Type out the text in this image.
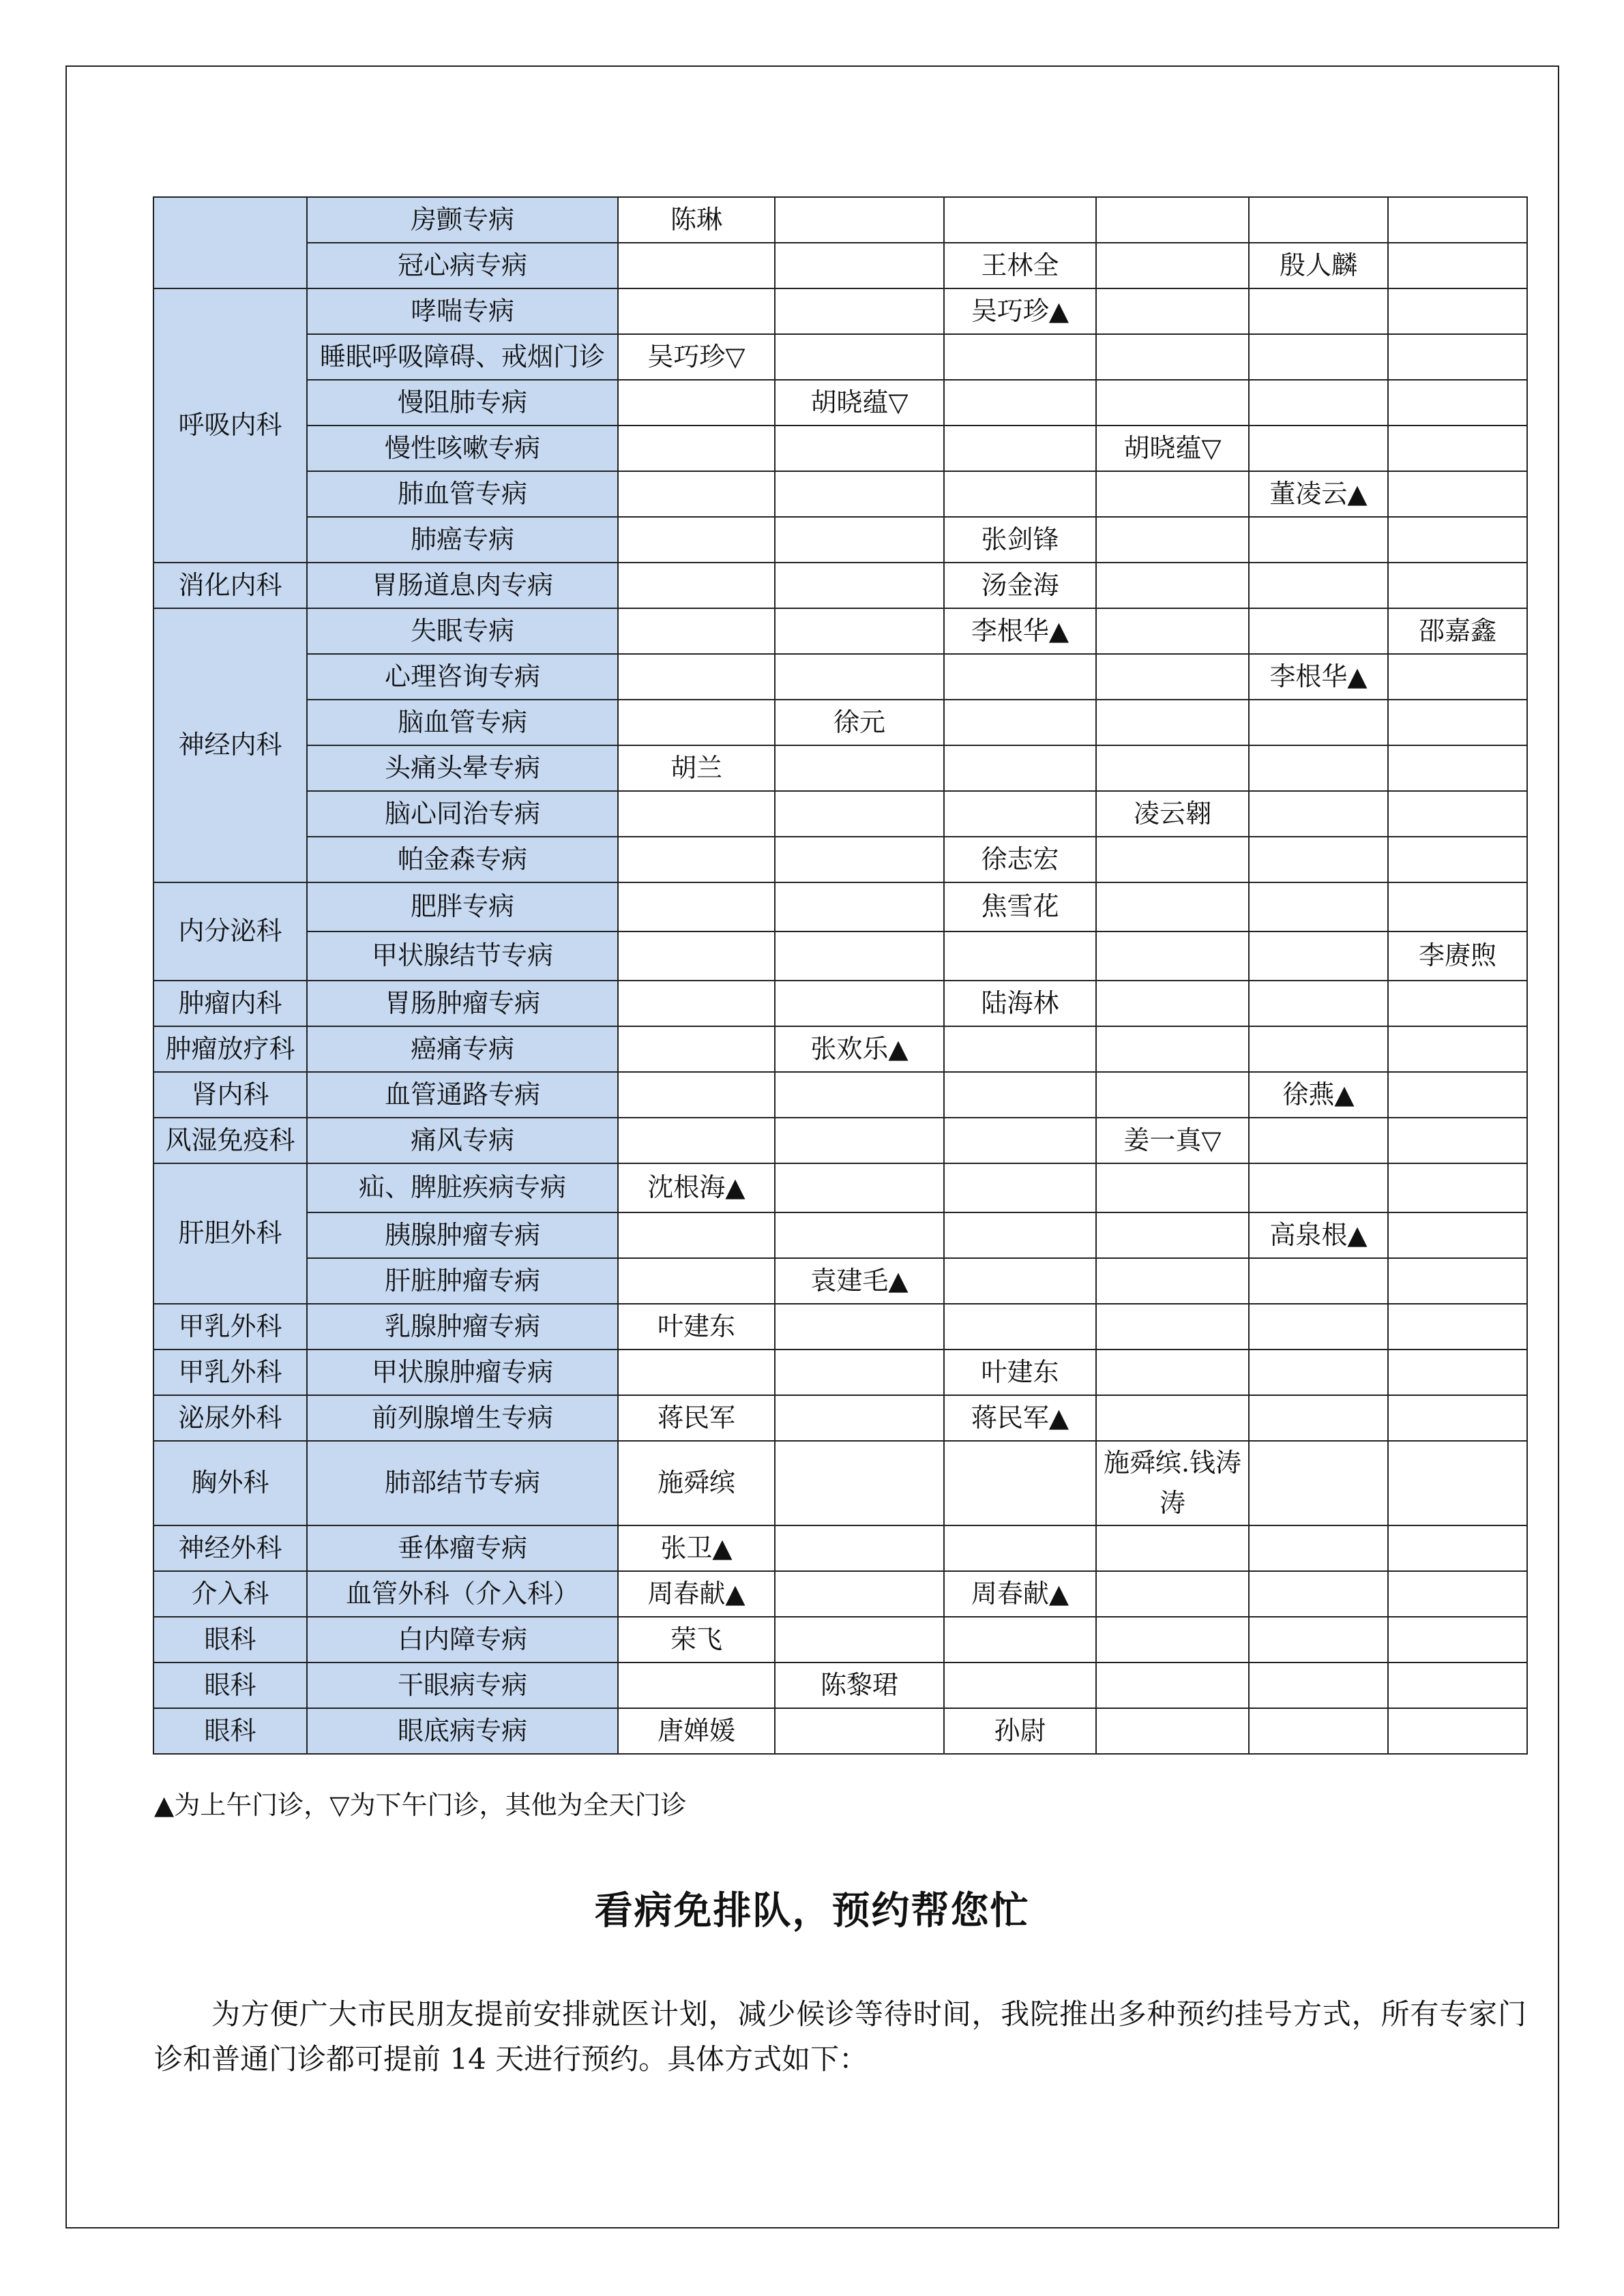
	房颤专病	陈琳					
	冠心病专病			王林全		殷人麟	
呼吸内科	哮喘专病			吴巧珍▲			
	睡眠呼吸障碍、戒烟门诊	吴巧珍▽					
	慢阻肺专病		胡晓蕴▽				
	慢性咳嗽专病				胡晓蕴▽		
	肺血管专病					董凌云▲	
	肺癌专病			张剑锋			
消化内科	胃肠道息肉专病			汤金海			
神经内科	失眠专病			李根华▲			邵嘉鑫
	心理咨询专病					李根华▲	
	脑血管专病		徐元				
	头痛头晕专病	胡兰					
	脑心同治专病				凌云翱		
	帕金森专病			徐志宏			
内分泌科	肥胖专病			焦雪花			
	甲状腺结节专病						李赓煦
肿瘤内科	胃肠肿瘤专病			陆海林			
肿瘤放疗科	癌痛专病		张欢乐▲				
肾内科	血管通路专病					徐燕▲	
风湿免疫科	痛风专病				姜一真▽		
肝胆外科	疝、脾脏疾病专病	沈根海▲					
	胰腺肿瘤专病					高泉根▲	
	肝脏肿瘤专病		袁建毛▲				
甲乳外科	乳腺肿瘤专病	叶建东					
甲乳外科	甲状腺肿瘤专病			叶建东			
泌尿外科	前列腺增生专病	蒋民军		蒋民军▲			
胸外科	肺部结节专病	施舜缤			施舜缤.钱涛涛		
神经外科	垂体瘤专病	张卫▲					
介入科	血管外科（介入科）	周春献▲		周春献▲			
眼科	白内障专病	荣飞					
眼科	干眼病专病		陈黎珺				
眼科	眼底病专病	唐婵媛		孙尉			
▲为上午门诊，▽为下午门诊，其他为全天门诊
看病免排队，预约帮您忙
为方便广大市民朋友提前安排就医计划，减少候诊等待时间，我院推出多种预约挂号方式，所有专家门诊和普通门诊都可提前 14 天进行预约。具体方式如下：
